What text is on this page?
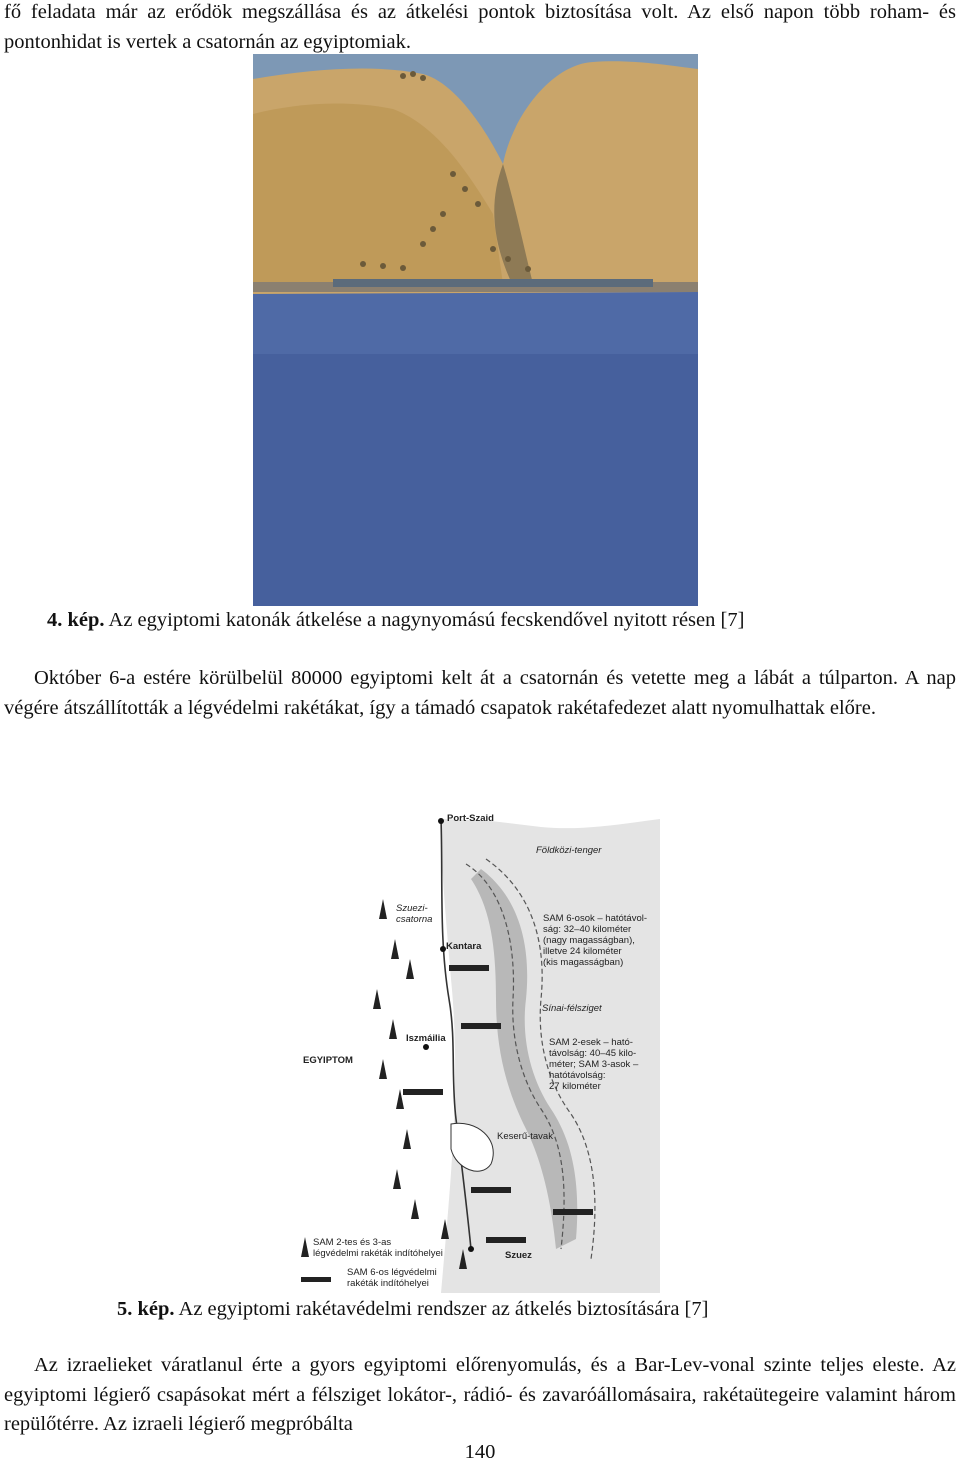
fő feladata már az erődök megszállása és az átkelési pontok biztosítása volt. Az első napon több roham- és pontonhidat is vertek a csatornán az egyiptomiak.

4. kép. Az egyiptomi katonák átkelése a nagynyomású fecskendővel nyitott résen [7]

Október 6-a estére körülbelül 80000 egyiptomi kelt át a csatornán és vetette meg a lábát a túlparton. A nap végére átszállították a légvédelmi rakétákat, így a támadó csapatok rakétafedezet alatt nyomulhattak előre.

Port-Szaid
Földközi-tenger
Szuezi-
csatorna
Kantara
SAM 6-osok – hatótávol-
ság: 32–40 kilométer
(nagy magasságban),
illetve 24 kilométer
(kis magasságban)
Sínai-félsziget
Iszmáilia
EGYIPTOM
SAM 2-esek – ható-
távolság: 40–45 kilo-
méter; SAM 3-asok –
hatótávolság:
27 kilométer
Keserű-tavak
Szuez
SAM 2-tes és 3-as
légvédelmi rakéták indítóhelyei
SAM 6-os légvédelmi
rakéták indítóhelyei

5. kép. Az egyiptomi rakétavédelmi rendszer az átkelés biztosítására [7]

Az izraelieket váratlanul érte a gyors egyiptomi előrenyomulás, és a Bar-Lev-vonal szinte teljes eleste. Az egyiptomi légierő csapásokat mért a félsziget lokátor-, rádió- és zavaróállomásaira, rakétaütegeire valamint három repülőtérre. Az izraeli légierő megpróbálta

140
